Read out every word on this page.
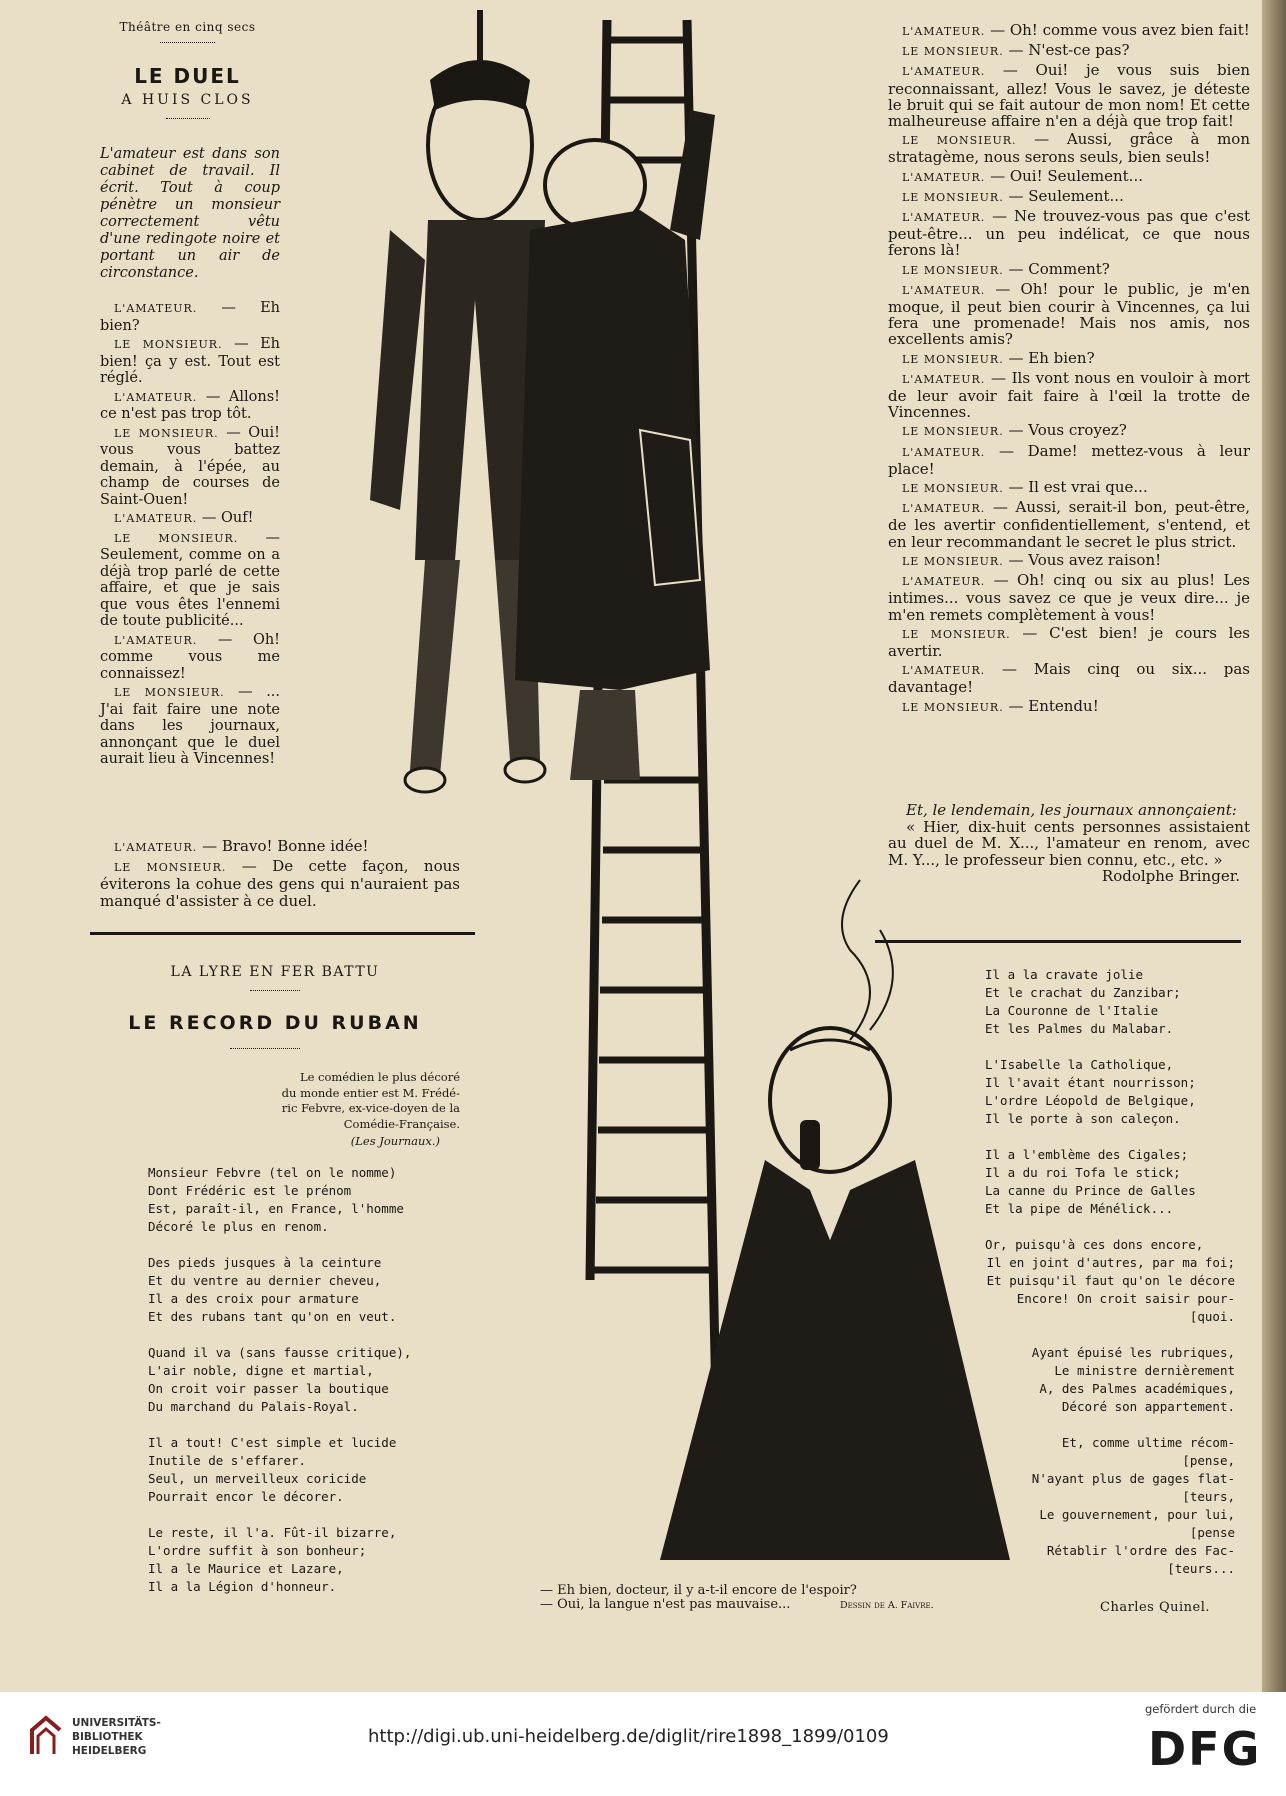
Théâtre en cinq secs
LE DUEL
A HUIS CLOS

L'amateur est dans son cabinet de travail. Il écrit. Tout à coup pénètre un monsieur correctement vêtu d'une redingote noire et portant un air de circonstance.

L'AMATEUR. — Eh bien?
LE MONSIEUR. — Eh bien! ça y est. Tout est réglé.
L'AMATEUR. — Allons! ce n'est pas trop tôt.
LE MONSIEUR. — Oui! vous vous battez demain, à l'épée, au champ de courses de Saint-Ouen!
L'AMATEUR. — Ouf!
LE MONSIEUR. — Seulement, comme on a déjà trop parlé de cette affaire, et que je sais que vous êtes l'ennemi de toute publicité...
L'AMATEUR. — Oh! comme vous me connaissez!
LE MONSIEUR. — ... J'ai fait faire une note dans les journaux, annonçant que le duel aurait lieu à Vincennes!
L'AMATEUR. — Bravo! Bonne idée!
LE MONSIEUR. — De cette façon, nous éviterons la cohue des gens qui n'auraient pas manqué d'assister à ce duel.
L'AMATEUR. — Oh! comme vous avez bien fait!
LE MONSIEUR. — N'est-ce pas?
L'AMATEUR. — Oui! je vous suis bien reconnaissant, allez! Vous le savez, je déteste le bruit qui se fait autour de mon nom! Et cette malheureuse affaire n'en a déjà que trop fait!
LE MONSIEUR. — Aussi, grâce à mon stratagème, nous serons seuls, bien seuls!
L'AMATEUR. — Oui! Seulement...
LE MONSIEUR. — Seulement...
L'AMATEUR. — Ne trouvez-vous pas que c'est peut-être... un peu indélicat, ce que nous ferons là!
LE MONSIEUR. — Comment?
L'AMATEUR. — Oh! pour le public, je m'en moque, il peut bien courir à Vincennes, ça lui fera une promenade! Mais nos amis, nos excellents amis?
LE MONSIEUR. — Eh bien?
L'AMATEUR. — Ils vont nous en vouloir à mort de leur avoir fait faire à l'œil la trotte de Vincennes.
LE MONSIEUR. — Vous croyez?
L'AMATEUR. — Dame! mettez-vous à leur place!
LE MONSIEUR. — Il est vrai que...
L'AMATEUR. — Aussi, serait-il bon, peut-être, de les avertir confidentiellement, s'entend, et en leur recommandant le secret le plus strict.
LE MONSIEUR. — Vous avez raison!
L'AMATEUR. — Oh! cinq ou six au plus! Les intimes... vous savez ce que je veux dire... je m'en remets complètement à vous!
LE MONSIEUR. — C'est bien! je cours les avertir.
L'AMATEUR. — Mais cinq ou six... pas davantage!
LE MONSIEUR. — Entendu!
Et, le lendemain, les journaux annonçaient:
« Hier, dix-huit cents personnes assistaient au duel de M. X..., l'amateur en renom, avec M. Y..., le professeur bien connu, etc., etc. »
Rodolphe Bringer.
LA LYRE EN FER BATTU
LE RECORD DU RUBAN
Le comédien le plus décoré
du monde entier est M. Frédé-
ric Febvre, ex-vice-doyen de la
Comédie-Française.
(Les Journaux.)
Monsieur Febvre (tel on le nomme)
Dont Frédéric est le prénom
Est, paraît-il, en France, l'homme
Décoré le plus en renom.

Des pieds jusques à la ceinture
Et du ventre au dernier cheveu,
Il a des croix pour armature
Et des rubans tant qu'on en veut.

Quand il va (sans fausse critique),
L'air noble, digne et martial,
On croit voir passer la boutique
Du marchand du Palais-Royal.

Il a tout! C'est simple et lucide
Inutile de s'effarer.
Seul, un merveilleux coricide
Pourrait encor le décorer.

Le reste, il l'a. Fût-il bizarre,
L'ordre suffit à son bonheur;
Il a le Maurice et Lazare,
Il a la Légion d'honneur.
Il a la cravate jolie
Et le crachat du Zanzibar;
La Couronne de l'Italie
Et les Palmes du Malabar.

L'Isabelle la Catholique,
Il l'avait étant nourrisson;
L'ordre Léopold de Belgique,
Il le porte à son caleçon.

Il a l'emblème des Cigales;
Il a du roi Tofa le stick;
La canne du Prince de Galles
Et la pipe de Ménélick...

Or, puisqu'à ces dons encore,
Il en joint d'autres, par ma foi;
Et puisqu'il faut qu'on le décore
Encore! On croit saisir pour-
[quoi.

Ayant épuisé les rubriques,
Le ministre dernièrement
A, des Palmes académiques,
Décoré son appartement.

Et, comme ultime récom-
[pense,
N'ayant plus de gages flat-
[teurs,
Le gouvernement, pour lui,
[pense
Rétablir l'ordre des Fac-
[teurs...
Charles Quinel.
— Eh bien, docteur, il y a-t-il encore de l'espoir?
— Oui, la langue n'est pas mauvaise...	Dessin de A. Faivre.
UNIVERSITÄTS-
BIBLIOTHEK
HEIDELBERG
http://digi.ub.uni-heidelberg.de/diglit/rire1898_1899/0109
gefördert durch die
DFG
